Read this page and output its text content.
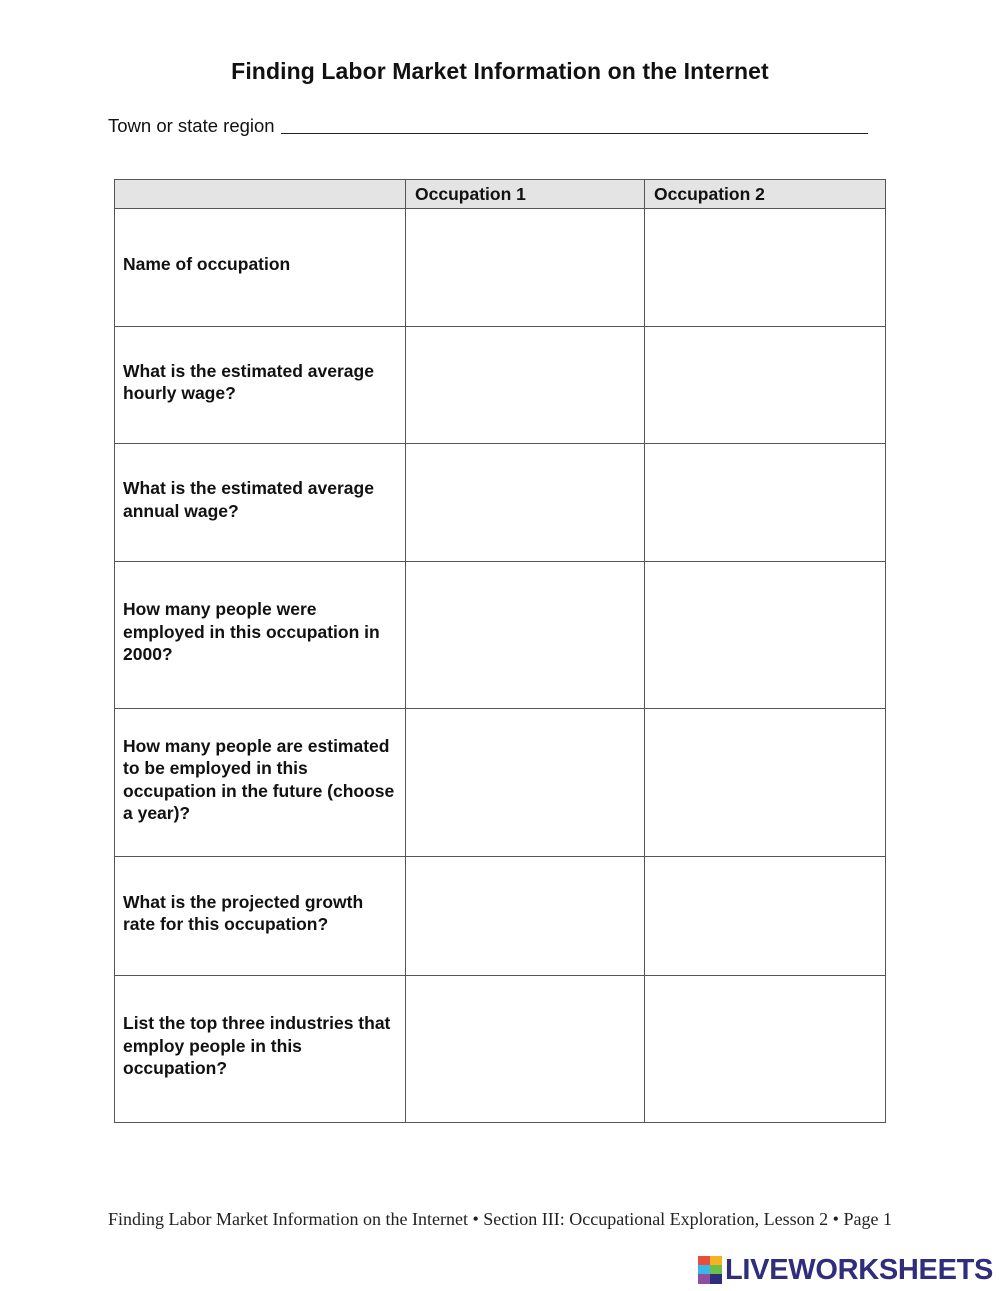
Finding Labor Market Information on the Internet
Town or state region
	Occupation 1	Occupation 2
Name of occupation		
What is the estimated average hourly wage?		
What is the estimated average annual wage?		
How many people were employed in this occupation in 2000?		
How many people are estimated to be employed in this occupation in the future (choose a year)?		
What is the projected growth rate for this occupation?		
List the top three industries that employ people in this occupation?		
Finding Labor Market Information on the Internet • Section III: Occupational Exploration, Lesson 2 • Page 1
LIVEWORKSHEETS
